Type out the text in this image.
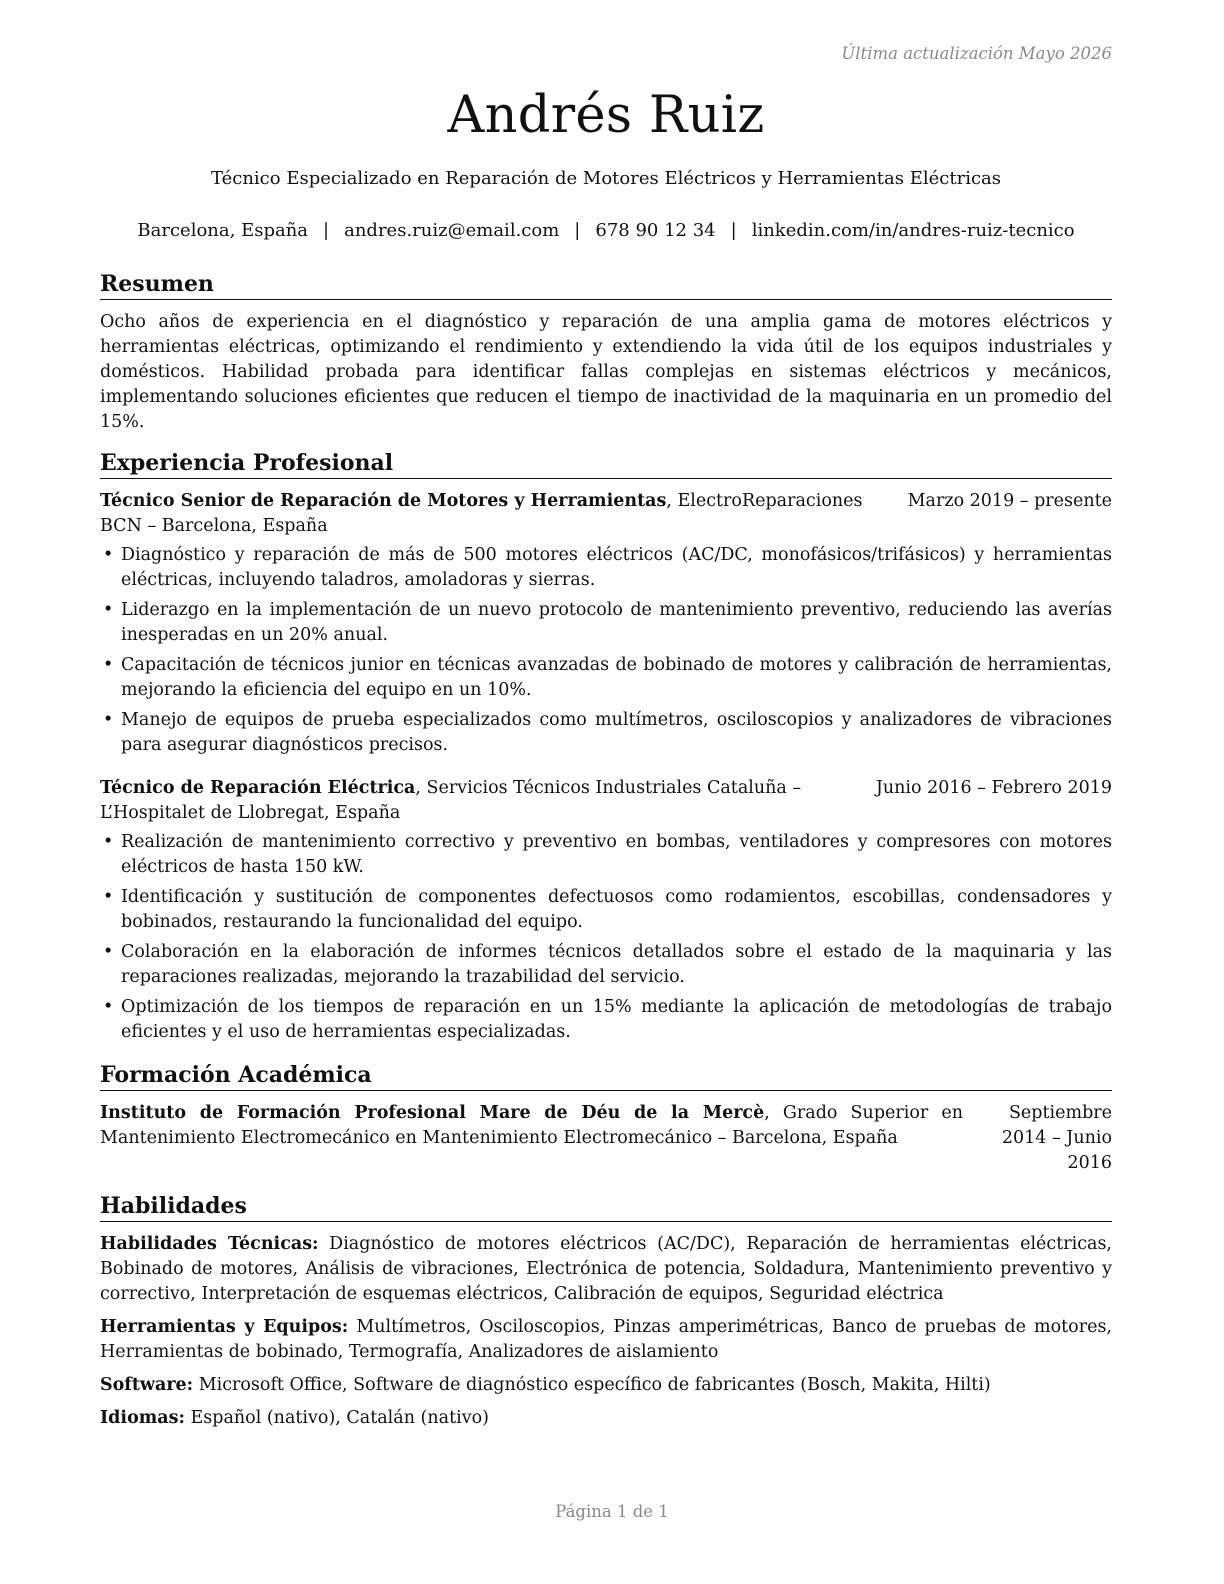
Última actualización Mayo 2026
Andrés Ruiz
Técnico Especializado en Reparación de Motores Eléctricos y Herramientas Eléctricas
Barcelona, España | andres.ruiz@email.com | 678 90 12 34 | linkedin.com/in/andres-ruiz-tecnico
Resumen

Ocho años de experiencia en el diagnóstico y reparación de una amplia gama de motores eléctricos y herramientas eléctricas, optimizando el rendimiento y extendiendo la vida útil de los equipos industriales y domésticos. Habilidad probada para identificar fallas complejas en sistemas eléctricos y mecánicos, implementando soluciones eficientes que reducen el tiempo de inactividad de la maquinaria en un promedio del 15%.

Experiencia Profesional
Técnico Senior de Reparación de Motores y Herramientas, ElectroReparaciones BCN – Barcelona, España
Marzo 2019 – presente
• Diagnóstico y reparación de más de 500 motores eléctricos (AC/DC, monofásicos/trifásicos) y herramientas eléctricas, incluyendo taladros, amoladoras y sierras.
• Liderazgo en la implementación de un nuevo protocolo de mantenimiento preventivo, reduciendo las averías inesperadas en un 20% anual.
• Capacitación de técnicos junior en técnicas avanzadas de bobinado de motores y calibración de herramientas, mejorando la eficiencia del equipo en un 10%.
• Manejo de equipos de prueba especializados como multímetros, osciloscopios y analizadores de vibraciones para asegurar diagnósticos precisos.
Técnico de Reparación Eléctrica, Servicios Técnicos Industriales Cataluña – L’Hospitalet de Llobregat, España
Junio 2016 – Febrero 2019
• Realización de mantenimiento correctivo y preventivo en bombas, ventiladores y compresores con motores eléctricos de hasta 150 kW.
• Identificación y sustitución de componentes defectuosos como rodamientos, escobillas, condensadores y bobinados, restaurando la funcionalidad del equipo.
• Colaboración en la elaboración de informes técnicos detallados sobre el estado de la maquinaria y las reparaciones realizadas, mejorando la trazabilidad del servicio.
• Optimización de los tiempos de reparación en un 15% mediante la aplicación de metodologías de trabajo eficientes y el uso de herramientas especializadas.
Formación Académica
Instituto de Formación Profesional Mare de Déu de la Mercè, Grado Superior en Mantenimiento Electromecánico en Mantenimiento Electromecánico – Barcelona, España
Septiembre 2014 – Junio 2016
Habilidades

Habilidades Técnicas: Diagnóstico de motores eléctricos (AC/DC), Reparación de herramientas eléctricas, Bobinado de motores, Análisis de vibraciones, Electrónica de potencia, Soldadura, Mantenimiento preventivo y correctivo, Interpretación de esquemas eléctricos, Calibración de equipos, Seguridad eléctrica

Herramientas y Equipos: Multímetros, Osciloscopios, Pinzas amperimétricas, Banco de pruebas de motores, Herramientas de bobinado, Termografía, Analizadores de aislamiento

Software: Microsoft Office, Software de diagnóstico específico de fabricantes (Bosch, Makita, Hilti)

Idiomas: Español (nativo), Catalán (nativo)

Página 1 de 1
